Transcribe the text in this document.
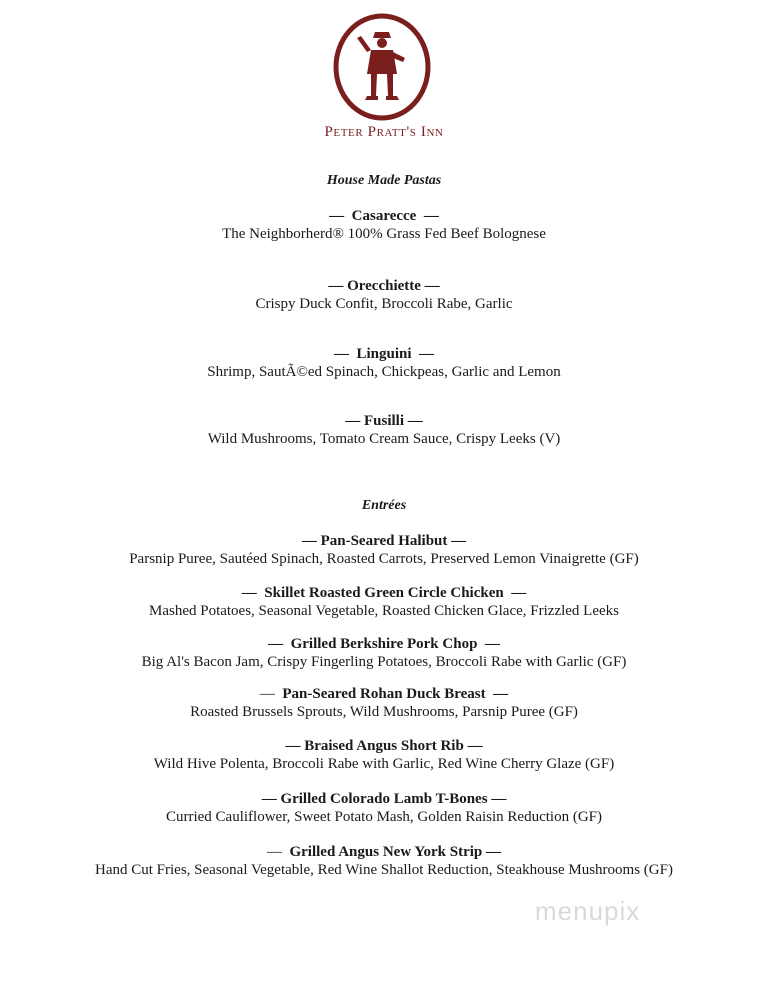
Peter Pratt's Inn
House Made Pastas
— Casarecce —
The Neighborherd® 100% Grass Fed Beef Bolognese
— Orecchiette —
Crispy Duck Confit, Broccoli Rabe, Garlic
— Linguini —
Shrimp, SautÃ©ed Spinach, Chickpeas, Garlic and Lemon
— Fusilli —
Wild Mushrooms, Tomato Cream Sauce, Crispy Leeks (V)
Entrées
— Pan-Seared Halibut —
Parsnip Puree, Sautéed Spinach, Roasted Carrots, Preserved Lemon Vinaigrette (GF)
— Skillet Roasted Green Circle Chicken —
Mashed Potatoes, Seasonal Vegetable, Roasted Chicken Glace, Frizzled Leeks
— Grilled Berkshire Pork Chop —
Big Al's Bacon Jam, Crispy Fingerling Potatoes, Broccoli Rabe with Garlic (GF)
— Pan-Seared Rohan Duck Breast —
Roasted Brussels Sprouts, Wild Mushrooms, Parsnip Puree (GF)
— Braised Angus Short Rib —
Wild Hive Polenta, Broccoli Rabe with Garlic, Red Wine Cherry Glaze (GF)
— Grilled Colorado Lamb T-Bones —
Curried Cauliflower, Sweet Potato Mash, Golden Raisin Reduction (GF)
— Grilled Angus New York Strip —
Hand Cut Fries, Seasonal Vegetable, Red Wine Shallot Reduction, Steakhouse Mushrooms (GF)
menupix
